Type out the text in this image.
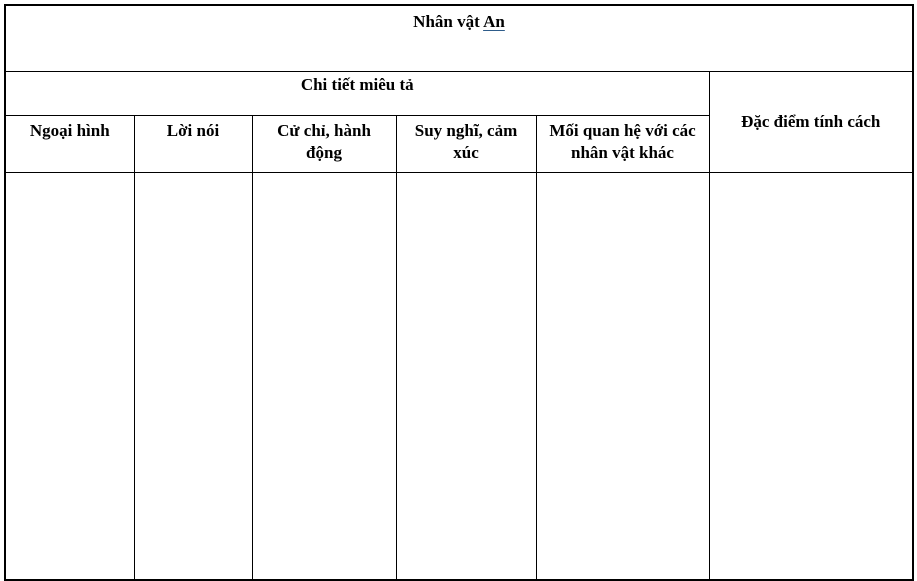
Nhân vật An					
Chi tiết miêu tả					Đặc điểm tính cách
Ngoại hình	Lời nói	Cử chỉ, hành động	Suy nghĩ, cảm xúc	Mối quan hệ với các nhân vật khác	
